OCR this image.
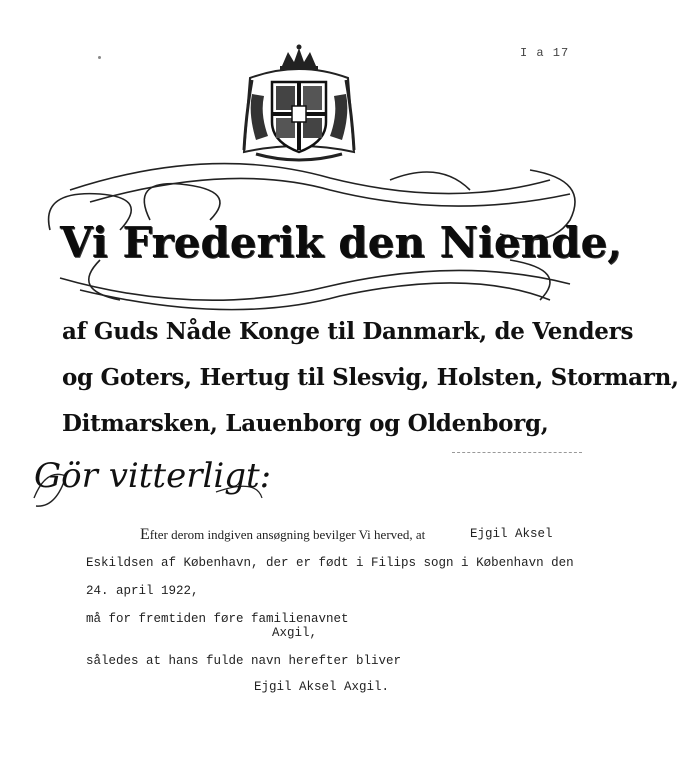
I a 17
Vi Frederik den Niende,
af Guds Nåde Konge til Danmark, de Venders
og Goters, Hertug til Slesvig, Holsten, Stormarn,
Ditmarsken, Lauenborg og Oldenborg,
Gör vitterligt:
Efter derom indgiven ansøgning bevilger Vi herved, at	Ejgil Aksel
Eskildsen af København, der er født i Filips sogn i København den
24. april 1922,
må for fremtiden føre familienavnet
Axgil,
således at hans fulde navn herefter bliver
Ejgil Aksel Axgil.
